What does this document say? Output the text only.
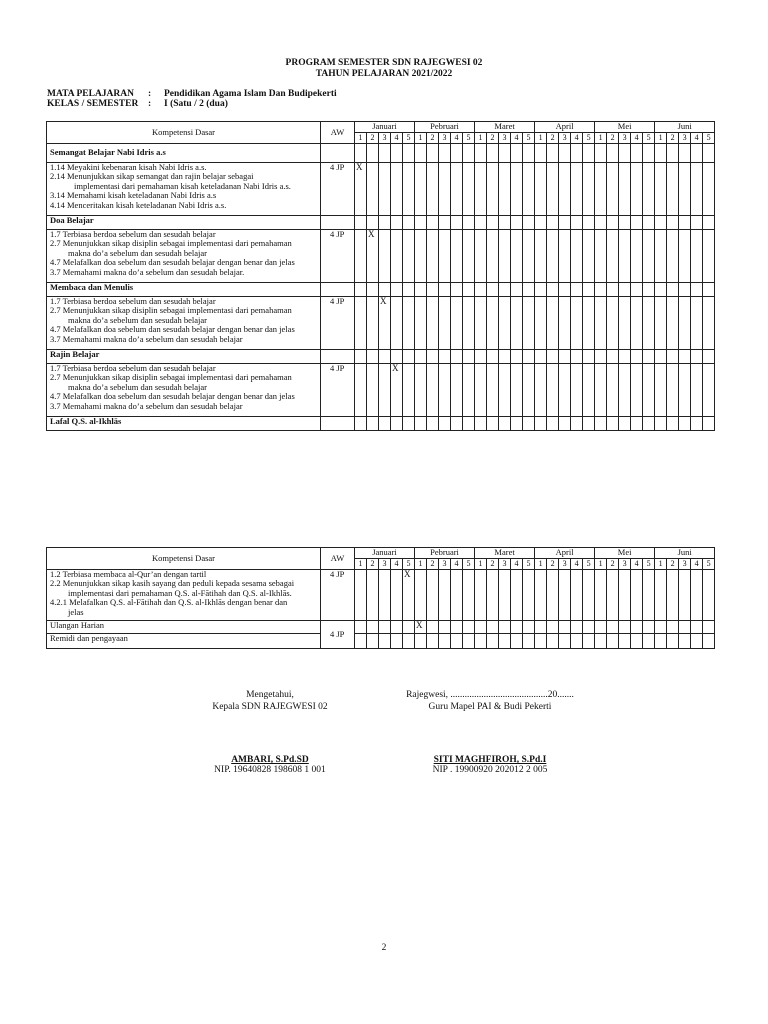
PROGRAM SEMESTER SDN RAJEGWESI 02
TAHUN PELAJARAN 2021/2022
MATA PELAJARAN : Pendidikan Agama Islam Dan Budipekerti
KELAS / SEMESTER : I (Satu / 2 (dua)
Kompetensi Dasar	AW	Januari					Pebruari					Maret					April					Mei					Juni				
		1	2	3	4	5	1	2	3	4	5	1	2	3	4	5	1	2	3	4	5	1	2	3	4	5	1	2	3	4	5
Semangat Belajar Nabi Idris a.s																															

1.14 Meyakini kebenaran kisah Nabi Idris a.s.
2.14 Menunjukkan sikap semangat dan rajin belajar sebagai
implementasi dari pemahaman kisah keteladanan Nabi Idris a.s.
3.14 Memahami kisah keteladanan Nabi Idris a.s
4.14 Menceritakan kisah keteladanan Nabi Idris a.s.	4 JP	X																													
Doa Belajar																															

1.7 Terbiasa berdoa sebelum dan sesudah belajar
2.7 Menunjukkan sikap disiplin sebagai implementasi dari pemahaman
makna do’a sebelum dan sesudah belajar
4.7 Melafalkan doa sebelum dan sesudah belajar dengan benar dan jelas
3.7 Memahami makna do’a sebelum dan sesudah belajar.	4 JP		X																												
Membaca dan Menulis																															

1.7 Terbiasa berdoa sebelum dan sesudah belajar
2.7 Menunjukkan sikap disiplin sebagai implementasi dari pemahaman
makna do’a sebelum dan sesudah belajar
4.7 Melafalkan doa sebelum dan sesudah belajar dengan benar dan jelas
3.7 Memahami makna do’a sebelum dan sesudah belajar	4 JP			X																											
Rajin Belajar																															

1.7 Terbiasa berdoa sebelum dan sesudah belajar
2.7 Menunjukkan sikap disiplin sebagai implementasi dari pemahaman
makna do’a sebelum dan sesudah belajar
4.7 Melafalkan doa sebelum dan sesudah belajar dengan benar dan jelas
3.7 Memahami makna do’a sebelum dan sesudah belajar	4 JP				X																										
Lafal Q.S. al-Ikhlās																															
Kompetensi Dasar	AW	Januari					Pebruari					Maret					April					Mei					Juni				
		1	2	3	4	5	1	2	3	4	5	1	2	3	4	5	1	2	3	4	5	1	2	3	4	5	1	2	3	4	5

1.2 Terbiasa membaca al-Qur’an dengan tartil
2.2 Menunjukkan sikap kasih sayang dan peduli kepada sesama sebagai
implementasi dari pemahaman Q.S. al-Fātihah dan Q.S. al-Ikhlās.
4.2.1 Melafalkan Q.S. al-Fātihah dan Q.S. al-Ikhlās dengan benar dan
jelas	4 JP					X																									
Ulangan Harian	4 JP						X																								
Remidi dan pengayaan																															
Mengetahui,
Kepala SDN RAJEGWESI 02
AMBARI, S.Pd.SD
NIP. 19640828 198608 1 001
Rajegwesi, .........................................20.......
Guru Mapel PAI & Budi Pekerti
SITI MAGHFIROH, S.Pd.I
NIP . 19900920 202012 2 005
2
